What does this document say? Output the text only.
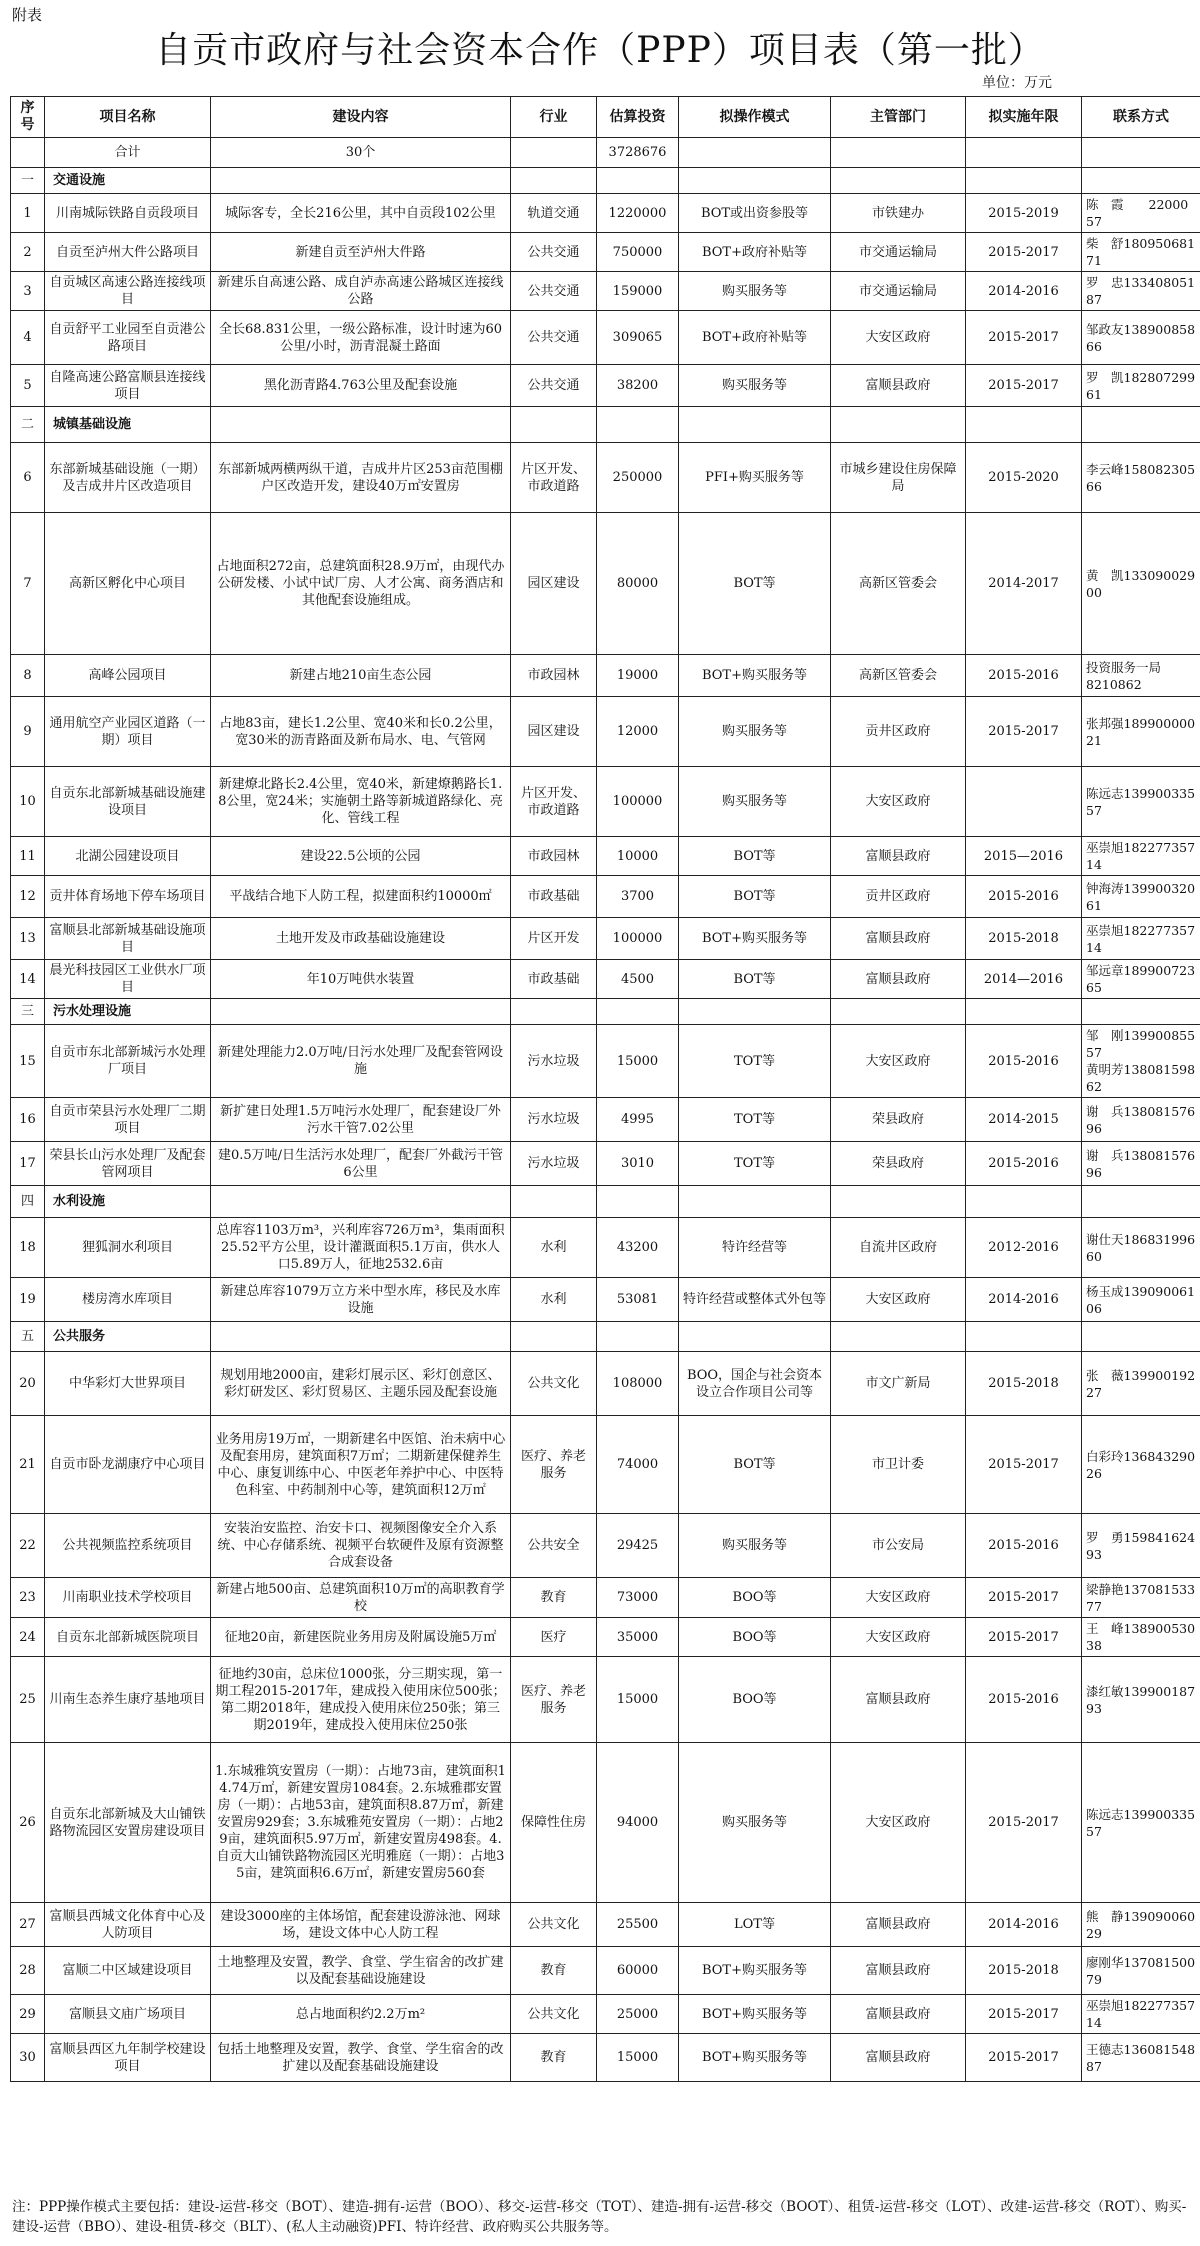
附表
自贡市政府与社会资本合作（PPP）项目表（第一批）
单位：万元
序号	项目名称	建设内容	行业	估算投资	拟操作模式	主管部门	拟实施年限	联系方式
	合计	30个		3728676				
一	交通设施							
1	川南城际铁路自贡段项目	城际客专，全长216公里，其中自贡段102公里	轨道交通	1220000	BOT或出资参股等	市铁建办	2015-2019	陈　霞　　2200057
2	自贡至泸州大件公路项目	新建自贡至泸州大件路	公共交通	750000	BOT+政府补贴等	市交通运输局	2015-2017	柴　舒18095068171
3	自贡城区高速公路连接线项目	新建乐自高速公路、成自泸赤高速公路城区连接线公路	公共交通	159000	购买服务等	市交通运输局	2014-2016	罗　忠13340805187
4	自贡舒平工业园至自贡港公路项目	全长68.831公里，一级公路标准，设计时速为60公里/小时，沥青混凝土路面	公共交通	309065	BOT+政府补贴等	大安区政府	2015-2017	邹政友13890085866
5	自隆高速公路富顺县连接线项目	黑化沥青路4.763公里及配套设施	公共交通	38200	购买服务等	富顺县政府	2015-2017	罗　凯18280729961
二	城镇基础设施							
6	东部新城基础设施（一期）及吉成井片区改造项目	东部新城两横两纵干道，吉成井片区253亩范围棚户区改造开发，建设40万㎡安置房	片区开发、市政道路	250000	PFI+购买服务等	市城乡建设住房保障局	2015-2020	李云峰15808230566
7	高新区孵化中心项目	占地面积272亩，总建筑面积28.9万㎡，由现代办公研发楼、小试中试厂房、人才公寓、商务酒店和其他配套设施组成。	园区建设	80000	BOT等	高新区管委会	2014-2017	黄　凯13309002900
8	高峰公园项目	新建占地210亩生态公园	市政园林	19000	BOT+购买服务等	高新区管委会	2015-2016	投资服务一局
8210862
9	通用航空产业园区道路（一期）项目	占地83亩，建长1.2公里、宽40米和长0.2公里，宽30米的沥青路面及新布局水、电、气管网	园区建设	12000	购买服务等	贡井区政府	2015-2017	张邦强18990000021
10	自贡东北部新城基础设施建设项目	新建燎北路长2.4公里，宽40米，新建燎鹅路长1.8公里，宽24米；实施朝土路等新城道路绿化、亮化、管线工程	片区开发、市政道路	100000	购买服务等	大安区政府		陈远志13990033557
11	北湖公园建设项目	建设22.5公顷的公园	市政园林	10000	BOT等	富顺县政府	2015—2016	巫崇旭18227735714
12	贡井体育场地下停车场项目	平战结合地下人防工程，拟建面积约10000㎡	市政基础	3700	BOT等	贡井区政府	2015-2016	钟海涛13990032061
13	富顺县北部新城基础设施项目	土地开发及市政基础设施建设	片区开发	100000	BOT+购买服务等	富顺县政府	2015-2018	巫崇旭18227735714
14	晨光科技园区工业供水厂项目	年10万吨供水装置	市政基础	4500	BOT等	富顺县政府	2014—2016	邹远章18990072365
三	污水处理设施							
15	自贡市东北部新城污水处理厂项目	新建处理能力2.0万吨/日污水处理厂及配套管网设施	污水垃圾	15000	TOT等	大安区政府	2015-2016	邹　刚13990085557
黄明芳13808159862
16	自贡市荣县污水处理厂二期项目	新扩建日处理1.5万吨污水处理厂，配套建设厂外污水干管7.02公里	污水垃圾	4995	TOT等	荣县政府	2014-2015	谢　兵13808157696
17	荣县长山污水处理厂及配套管网项目	建0.5万吨/日生活污水处理厂，配套厂外截污干管6公里	污水垃圾	3010	TOT等	荣县政府	2015-2016	谢　兵13808157696
四	水利设施							
18	狸狐洞水利项目	总库容1103万m³，兴利库容726万m³，集雨面积25.52平方公里，设计灌溉面积5.1万亩，供水人口5.89万人，征地2532.6亩	水利	43200	特许经营等	自流井区政府	2012-2016	谢仕天18683199660
19	楼房湾水库项目	新建总库容1079万立方米中型水库，移民及水库设施	水利	53081	特许经营或整体式外包等	大安区政府	2014-2016	杨玉成13909006106
五	公共服务							
20	中华彩灯大世界项目	规划用地2000亩，建彩灯展示区、彩灯创意区、彩灯研发区、彩灯贸易区、主题乐园及配套设施	公共文化	108000	BOO，国企与社会资本设立合作项目公司等	市文广新局	2015-2018	张　薇13990019227
21	自贡市卧龙湖康疗中心项目	业务用房19万㎡，一期新建名中医馆、治未病中心及配套用房，建筑面积7万㎡；二期新建保健养生中心、康复训练中心、中医老年养护中心、中医特色科室、中药制剂中心等，建筑面积12万㎡	医疗、养老服务	74000	BOT等	市卫计委	2015-2017	白彩玲13684329026
22	公共视频监控系统项目	安装治安监控、治安卡口、视频图像安全介入系统、中心存储系统、视频平台软硬件及原有资源整合成套设备	公共安全	29425	购买服务等	市公安局	2015-2016	罗　勇15984162493
23	川南职业技术学校项目	新建占地500亩、总建筑面积10万㎡的高职教育学校	教育	73000	BOO等	大安区政府	2015-2017	梁静艳13708153377
24	自贡东北部新城医院项目	征地20亩，新建医院业务用房及附属设施5万㎡	医疗	35000	BOO等	大安区政府	2015-2017	王　峰13890053038
25	川南生态养生康疗基地项目	征地约30亩，总床位1000张，分三期实现，第一期工程2015-2017年，建成投入使用床位500张；第二期2018年，建成投入使用床位250张；第三期2019年，建成投入使用床位250张	医疗、养老服务	15000	BOO等	富顺县政府	2015-2016	漆红敏13990018793
26	自贡东北部新城及大山铺铁路物流园区安置房建设项目	1.东城雅筑安置房（一期）：占地73亩，建筑面积14.74万㎡，新建安置房1084套。2.东城雅郡安置房（一期）：占地53亩，建筑面积8.87万㎡，新建安置房929套；3.东城雅苑安置房（一期）：占地29亩，建筑面积5.97万㎡，新建安置房498套。4.自贡大山铺铁路物流园区光明雅庭（一期）：占地35亩，建筑面积6.6万㎡，新建安置房560套	保障性住房	94000	购买服务等	大安区政府	2015-2017	陈远志13990033557
27	富顺县西城文化体育中心及人防项目	建设3000座的主体场馆，配套建设游泳池、网球场，建设文体中心人防工程	公共文化	25500	LOT等	富顺县政府	2014-2016	熊　静13909006029
28	富顺二中区域建设项目	土地整理及安置，教学、食堂、学生宿舍的改扩建以及配套基础设施建设	教育	60000	BOT+购买服务等	富顺县政府	2015-2018	廖刚华13708150079
29	富顺县文庙广场项目	总占地面积约2.2万m²	公共文化	25000	BOT+购买服务等	富顺县政府	2015-2017	巫崇旭18227735714
30	富顺县西区九年制学校建设项目	包括土地整理及安置，教学、食堂、学生宿舍的改扩建以及配套基础设施建设	教育	15000	BOT+购买服务等	富顺县政府	2015-2017	王德志13608154887
注：PPP操作模式主要包括：建设-运营-移交（BOT）、建造-拥有-运营（BOO）、移交-运营-移交（TOT）、建造-拥有-运营-移交（BOOT）、租赁-运营-移交（LOT）、改建-运营-移交（ROT）、购买-建设-运营（BBO）、建设-租赁-移交（BLT）、(私人主动融资)PFI、特许经营、政府购买公共服务等。
